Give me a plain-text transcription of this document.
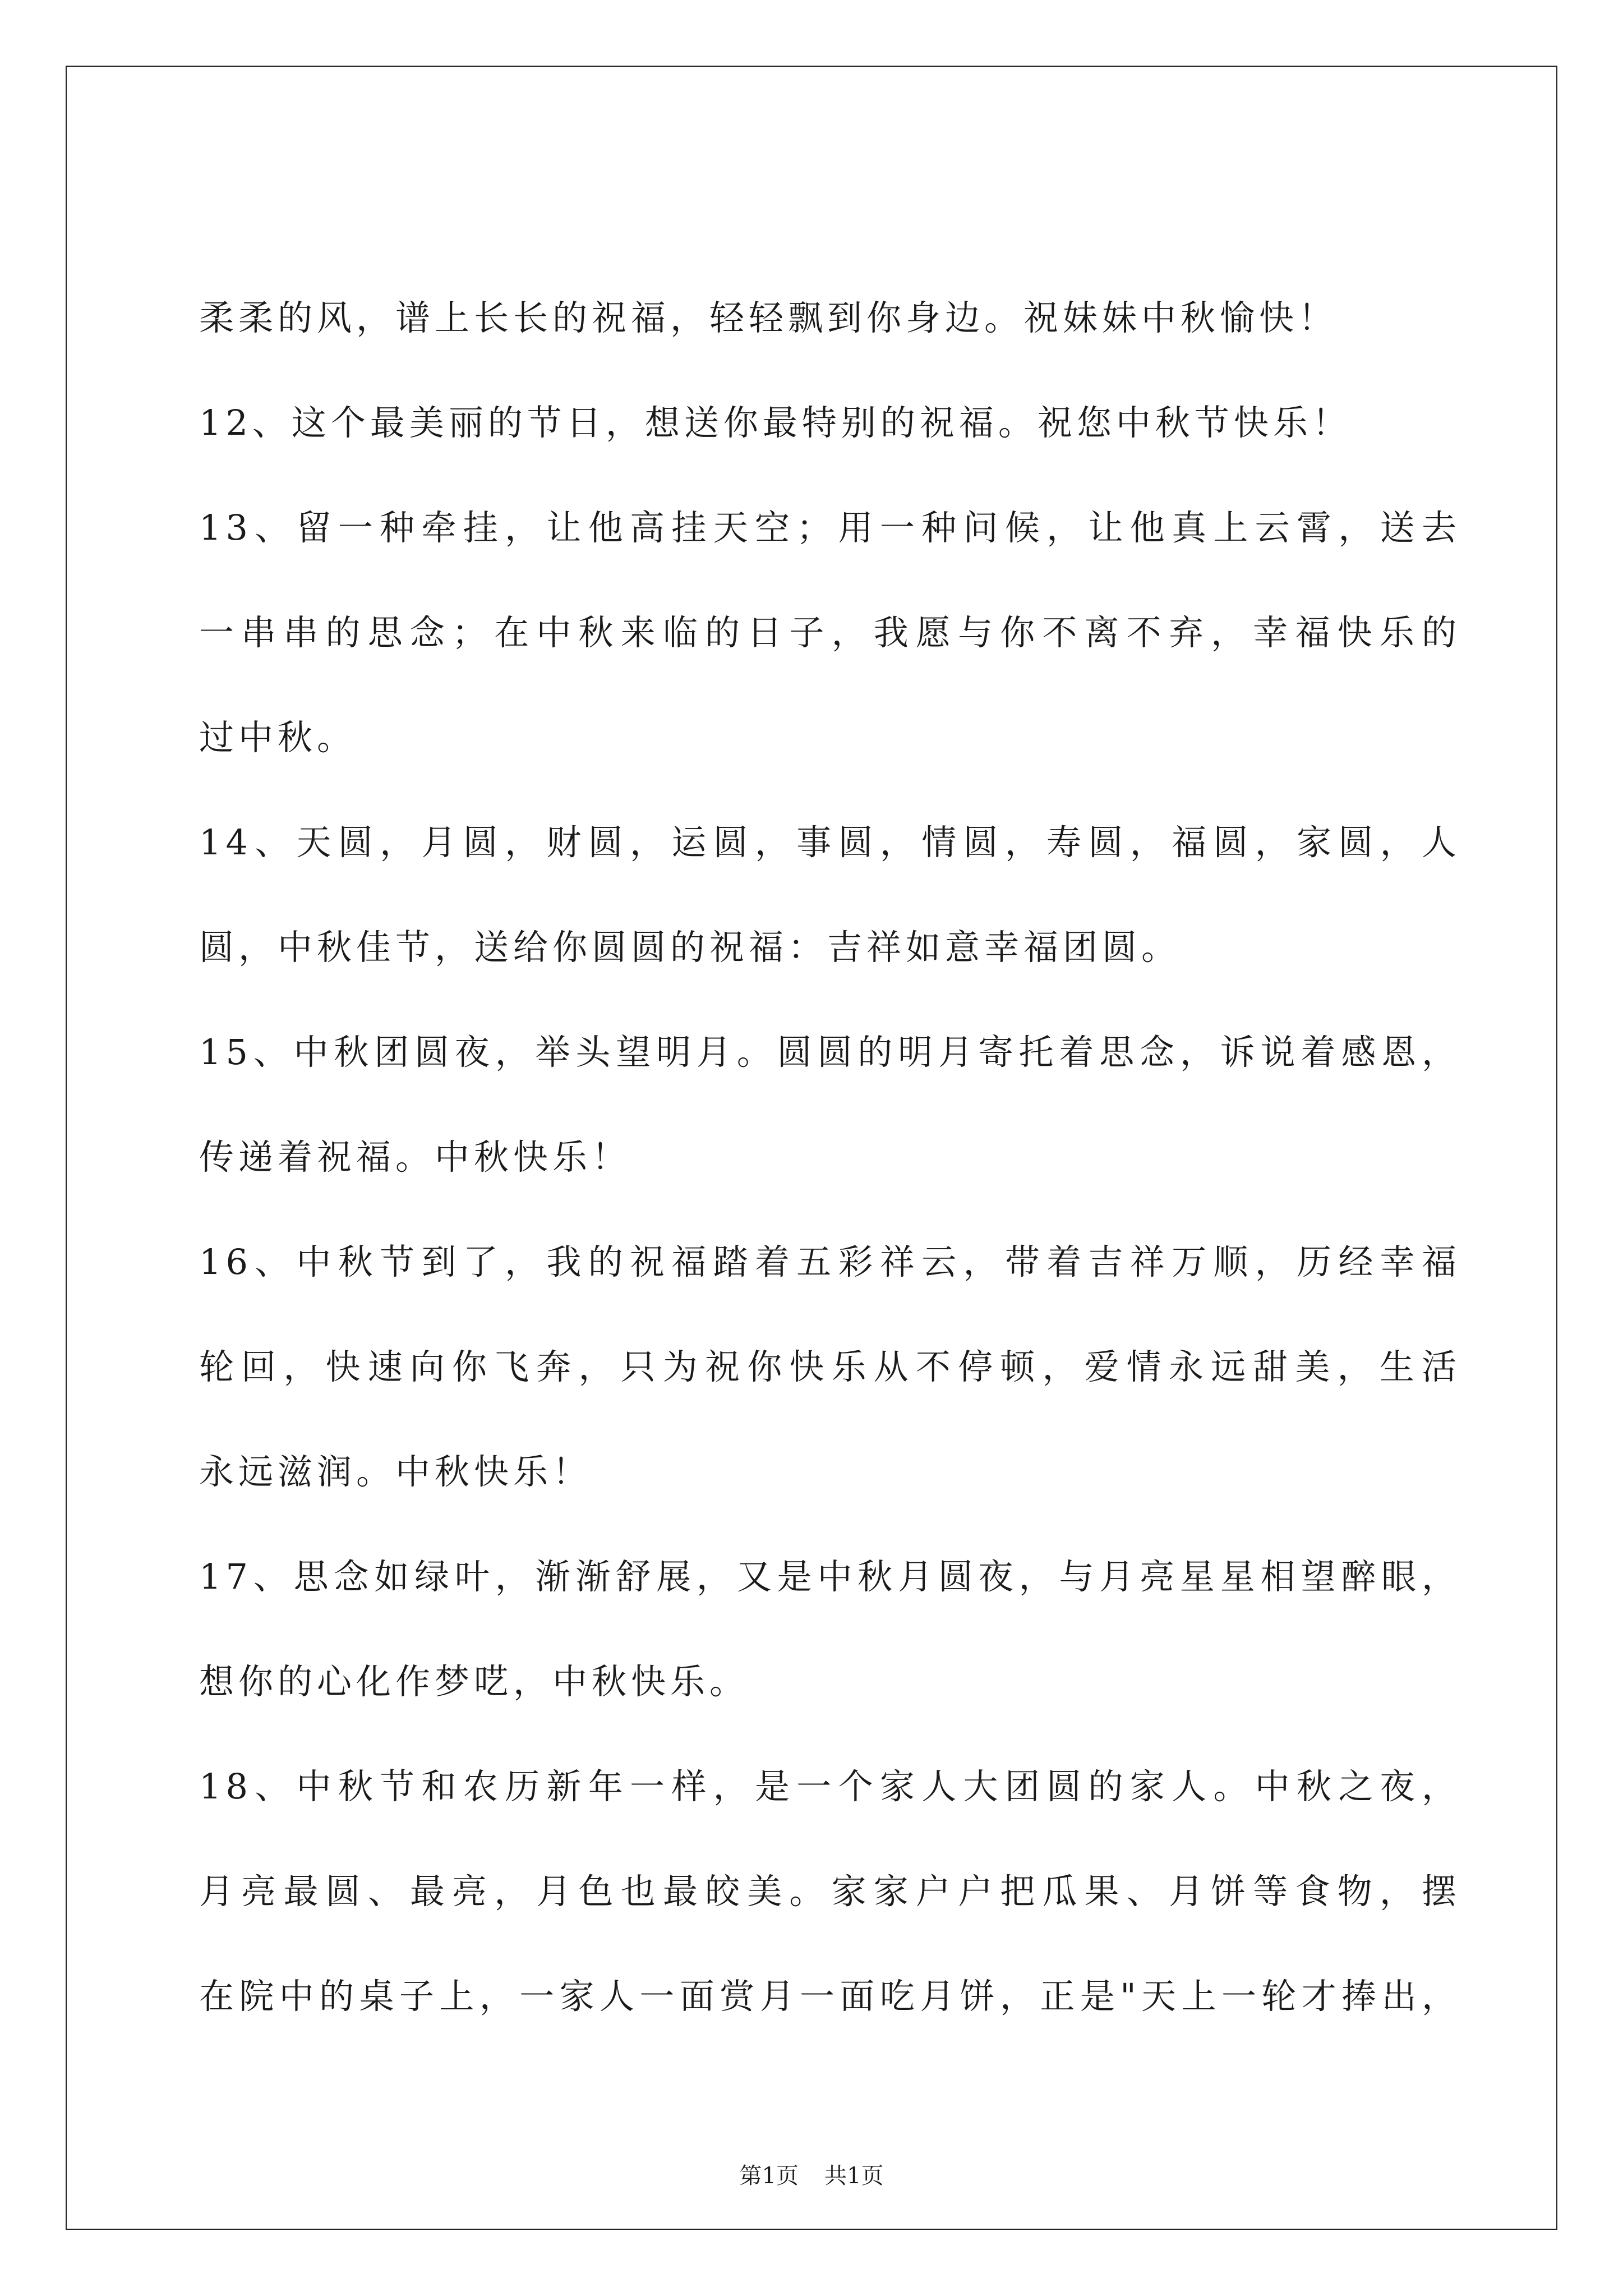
柔柔的风，谱上长长的祝福，轻轻飘到你身边。祝妹妹中秋愉快！
12、这个最美丽的节日，想送你最特别的祝福。祝您中秋节快乐！
13、留一种牵挂，让他高挂天空；用一种问候，让他真上云霄，送去
一串串的思念；在中秋来临的日子，我愿与你不离不弃，幸福快乐的
过中秋。
14、天圆，月圆，财圆，运圆，事圆，情圆，寿圆，福圆，家圆，人
圆，中秋佳节，送给你圆圆的祝福：吉祥如意幸福团圆。
15、中秋团圆夜，举头望明月。圆圆的明月寄托着思念，诉说着感恩，
传递着祝福。中秋快乐！
16、中秋节到了，我的祝福踏着五彩祥云，带着吉祥万顺，历经幸福
轮回，快速向你飞奔，只为祝你快乐从不停顿，爱情永远甜美，生活
永远滋润。中秋快乐！
17、思念如绿叶，渐渐舒展，又是中秋月圆夜，与月亮星星相望醉眼，
想你的心化作梦呓，中秋快乐。
18、中秋节和农历新年一样，是一个家人大团圆的家人。中秋之夜，
月亮最圆、最亮，月色也最皎美。家家户户把瓜果、月饼等食物，摆
在院中的桌子上，一家人一面赏月一面吃月饼，正是"天上一轮才捧出，
第1页 共1页
